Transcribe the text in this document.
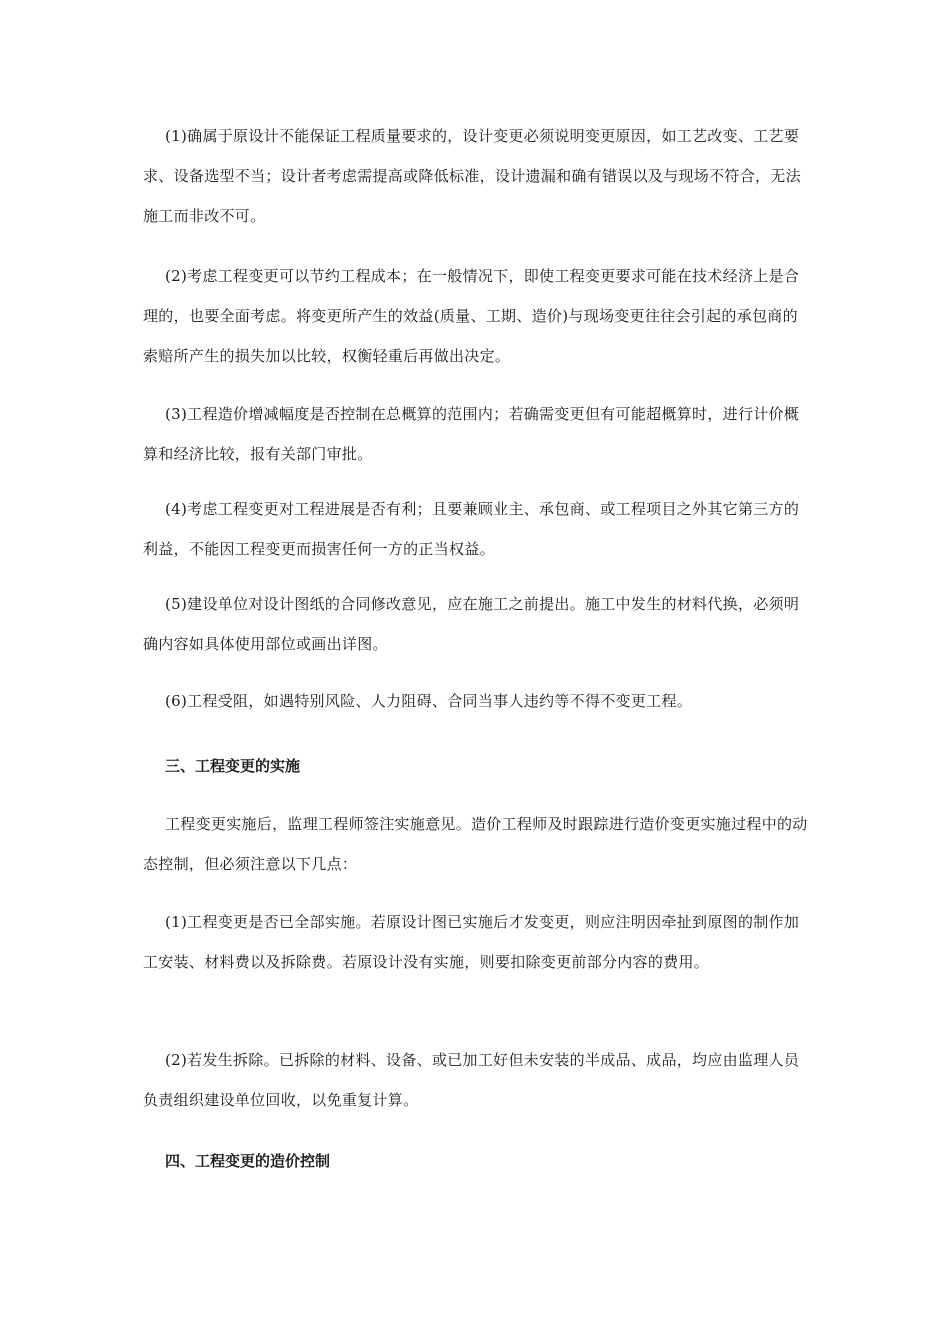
(1)确属于原设计不能保证工程质量要求的，设计变更必须说明变更原因，如工艺改变、工艺要求、设备选型不当；设计者考虑需提高或降低标准，设计遗漏和确有错误以及与现场不符合，无法施工而非改不可。

(2)考虑工程变更可以节约工程成本；在一般情况下，即使工程变更要求可能在技术经济上是合理的，也要全面考虑。将变更所产生的效益(质量、工期、造价)与现场变更往往会引起的承包商的索赔所产生的损失加以比较，权衡轻重后再做出决定。

(3)工程造价增减幅度是否控制在总概算的范围内；若确需变更但有可能超概算时，进行计价概算和经济比较，报有关部门审批。

(4)考虑工程变更对工程进展是否有利；且要兼顾业主、承包商、或工程项目之外其它第三方的利益，不能因工程变更而损害任何一方的正当权益。

(5)建设单位对设计图纸的合同修改意见，应在施工之前提出。施工中发生的材料代换，必须明确内容如具体使用部位或画出详图。

(6)工程受阻，如遇特别风险、人力阻碍、合同当事人违约等不得不变更工程。

三、工程变更的实施

工程变更实施后，监理工程师签注实施意见。造价工程师及时跟踪进行造价变更实施过程中的动态控制，但必须注意以下几点：

(1)工程变更是否已全部实施。若原设计图已实施后才发变更，则应注明因牵扯到原图的制作加工安装、材料费以及拆除费。若原设计没有实施，则要扣除变更前部分内容的费用。

(2)若发生拆除。已拆除的材料、设备、或已加工好但未安装的半成品、成品，均应由监理人员负责组织建设单位回收，以免重复计算。

四、工程变更的造价控制
